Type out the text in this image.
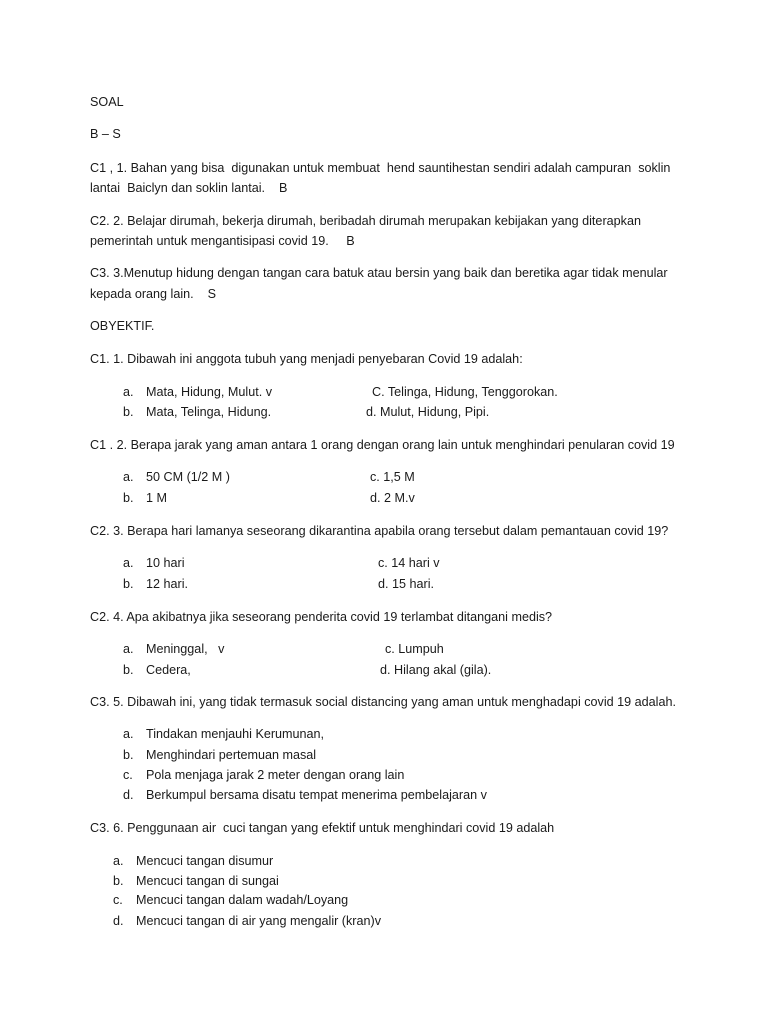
SOAL
B – S
C1 , 1. Bahan yang bisa  digunakan untuk membuat  hend sauntihestan sendiri adalah campuran  soklin
lantai  Baiclyn dan soklin lantai.    B
C2. 2. Belajar dirumah, bekerja dirumah, beribadah dirumah merupakan kebijakan yang diterapkan
pemerintah untuk mengantisipasi covid 19.     B
C3. 3.Menutup hidung dengan tangan cara batuk atau bersin yang baik dan beretika agar tidak menular
kepada orang lain.    S
OBYEKTIF.
C1. 1. Dibawah ini anggota tubuh yang menjadi penyebaran Covid 19 adalah:
a. Mata, Hidung, Mulut. v	C. Telinga, Hidung, Tenggorokan.
b. Mata, Telinga, Hidung.	d. Mulut, Hidung, Pipi.
C1 . 2. Berapa jarak yang aman antara 1 orang dengan orang lain untuk menghindari penularan covid 19
a. 50 CM (1/2 M )	c. 1,5 M
b. 1 M	d. 2 M.v
C2. 3. Berapa hari lamanya seseorang dikarantina apabila orang tersebut dalam pemantauan covid 19?
a. 10 hari	c. 14 hari v
b. 12 hari.	d. 15 hari.
C2. 4. Apa akibatnya jika seseorang penderita covid 19 terlambat ditangani medis?
a. Meninggal,   v	c. Lumpuh
b. Cedera,	d. Hilang akal (gila).
C3. 5. Dibawah ini, yang tidak termasuk social distancing yang aman untuk menghadapi covid 19 adalah.
a. Tindakan menjauhi Kerumunan,
b. Menghindari pertemuan masal
c. Pola menjaga jarak 2 meter dengan orang lain
d. Berkumpul bersama disatu tempat menerima pembelajaran v
C3. 6. Penggunaan air  cuci tangan yang efektif untuk menghindari covid 19 adalah
a. Mencuci tangan disumur
b. Mencuci tangan di sungai
c. Mencuci tangan dalam wadah/Loyang
d. Mencuci tangan di air yang mengalir (kran)v
